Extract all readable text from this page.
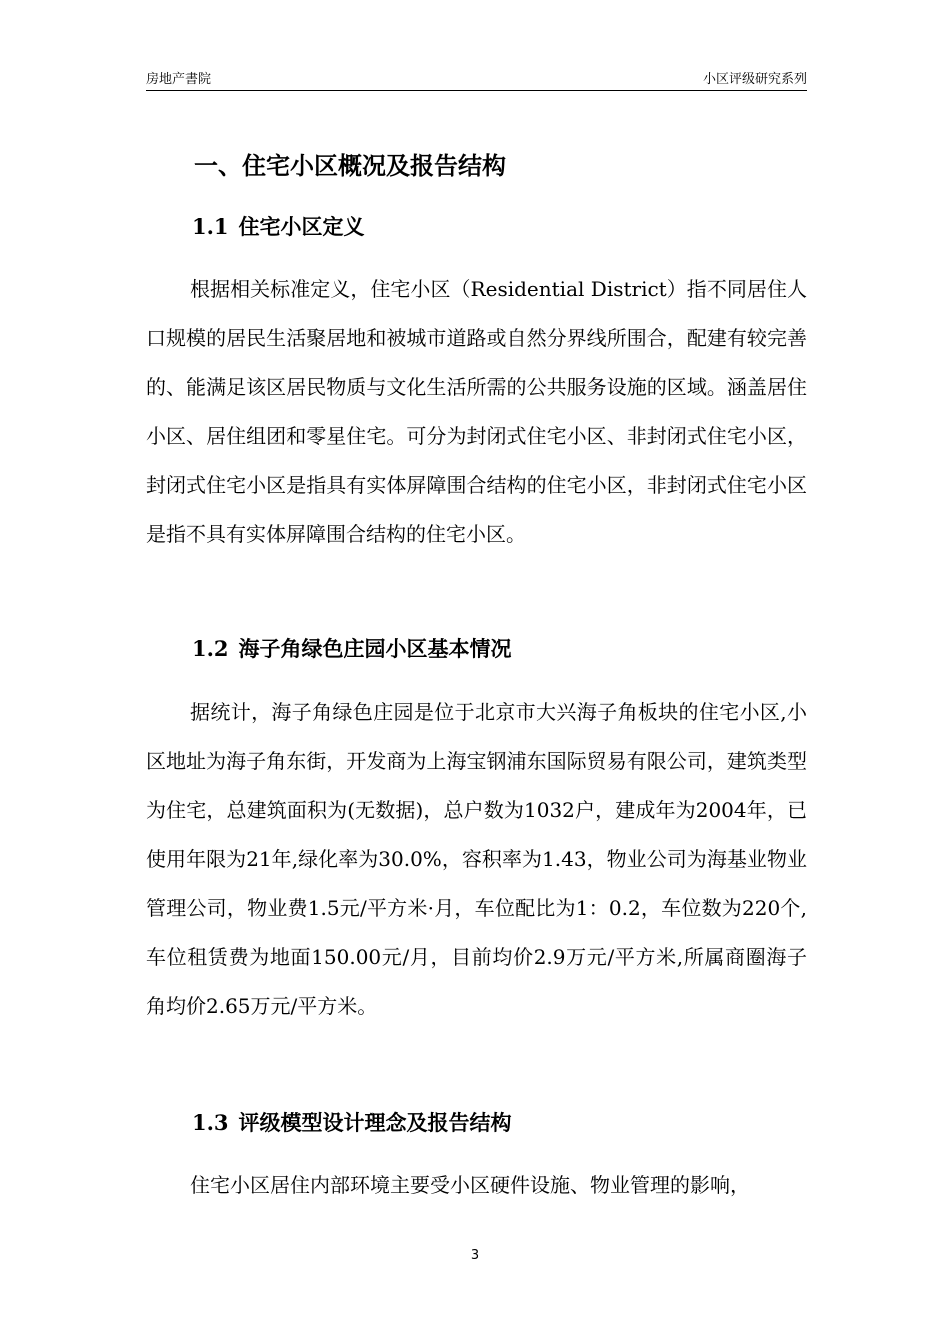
房地产書院	小区评级研究系列
一、住宅小区概况及报告结构
1.1 住宅小区定义
根据相关标准定义，住宅小区（Residential District）指不同居住人口规模的居民生活聚居地和被城市道路或自然分界线所围合，配建有较完善的、能满足该区居民物质与文化生活所需的公共服务设施的区域。涵盖居住小区、居住组团和零星住宅。可分为封闭式住宅小区、非封闭式住宅小区，封闭式住宅小区是指具有实体屏障围合结构的住宅小区，非封闭式住宅小区是指不具有实体屏障围合结构的住宅小区。
1.2 海子角绿色庄园小区基本情况
据统计，海子角绿色庄园是位于北京市大兴海子角板块的住宅小区,小区地址为海子角东街，开发商为上海宝钢浦东国际贸易有限公司，建筑类型为住宅，总建筑面积为(无数据)，总户数为1032户，建成年为2004年，已使用年限为21年,绿化率为30.0%，容积率为1.43，物业公司为海基业物业管理公司，物业费1.5元/平方米·月，车位配比为1：0.2，车位数为220个,车位租赁费为地面150.00元/月，目前均价2.9万元/平方米,所属商圈海子角均价2.65万元/平方米。
1.3 评级模型设计理念及报告结构
住宅小区居住内部环境主要受小区硬件设施、物业管理的影响，
3
